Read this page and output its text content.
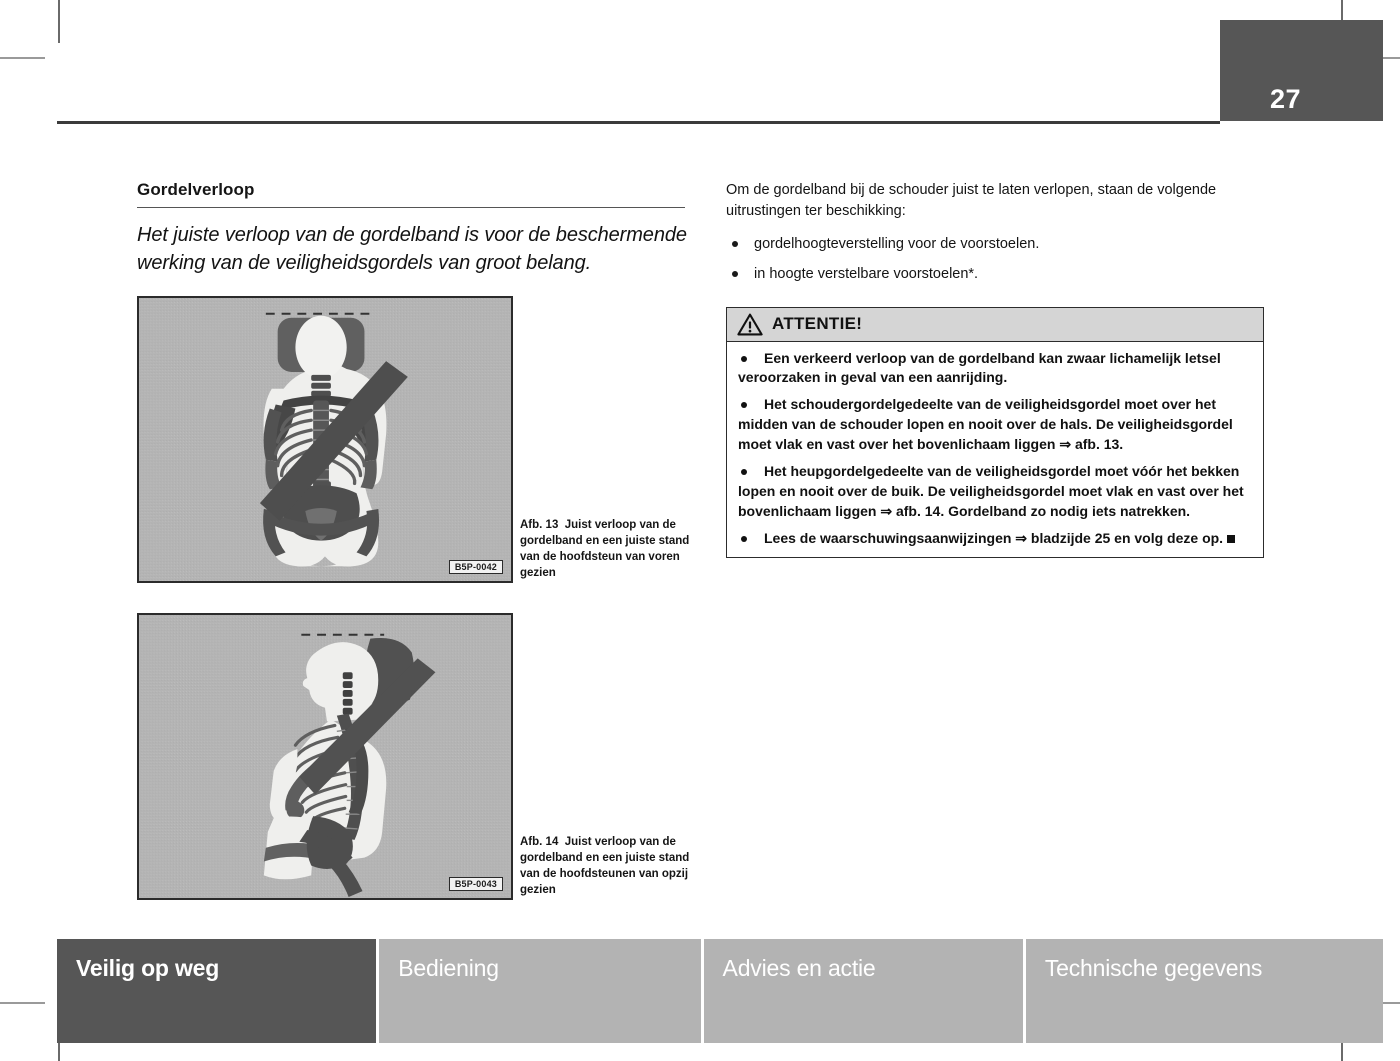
27
Gordelverloop

Het juiste verloop van de gordelband is voor de beschermende werking van de veiligheidsgordels van groot belang.

B5P-0042
Afb. 13 Juist verloop van de gordelband en een juiste stand van de hoofdsteun van voren gezien
B5P-0043
Afb. 14 Juist verloop van de gordelband en een juiste stand van de hoofdsteunen van opzij gezien

Om de gordelband bij de schouder juist te laten verlopen, staan de volgende uitrustingen ter beschikking:

gordelhoogteverstelling voor de voorstoelen.
in hoogte verstelbare voorstoelen*.
ATTENTIE!
Een verkeerd verloop van de gordelband kan zwaar lichamelijk letsel veroorzaken in geval van een aanrijding.
Het schoudergordelgedeelte van de veiligheidsgordel moet over het midden van de schouder lopen en nooit over de hals. De veiligheidsgordel moet vlak en vast over het bovenlichaam liggen ⇒ afb. 13.
Het heupgordelgedeelte van de veiligheidsgordel moet vóór het bekken lopen en nooit over de buik. De veiligheidsgordel moet vlak en vast over het bovenlichaam liggen ⇒ afb. 14. Gordelband zo nodig iets natrekken.
Lees de waarschuwingsaanwijzingen ⇒ bladzijde 25 en volg deze op.
Veilig op weg	Bediening	Advies en actie	Technische gegevens
